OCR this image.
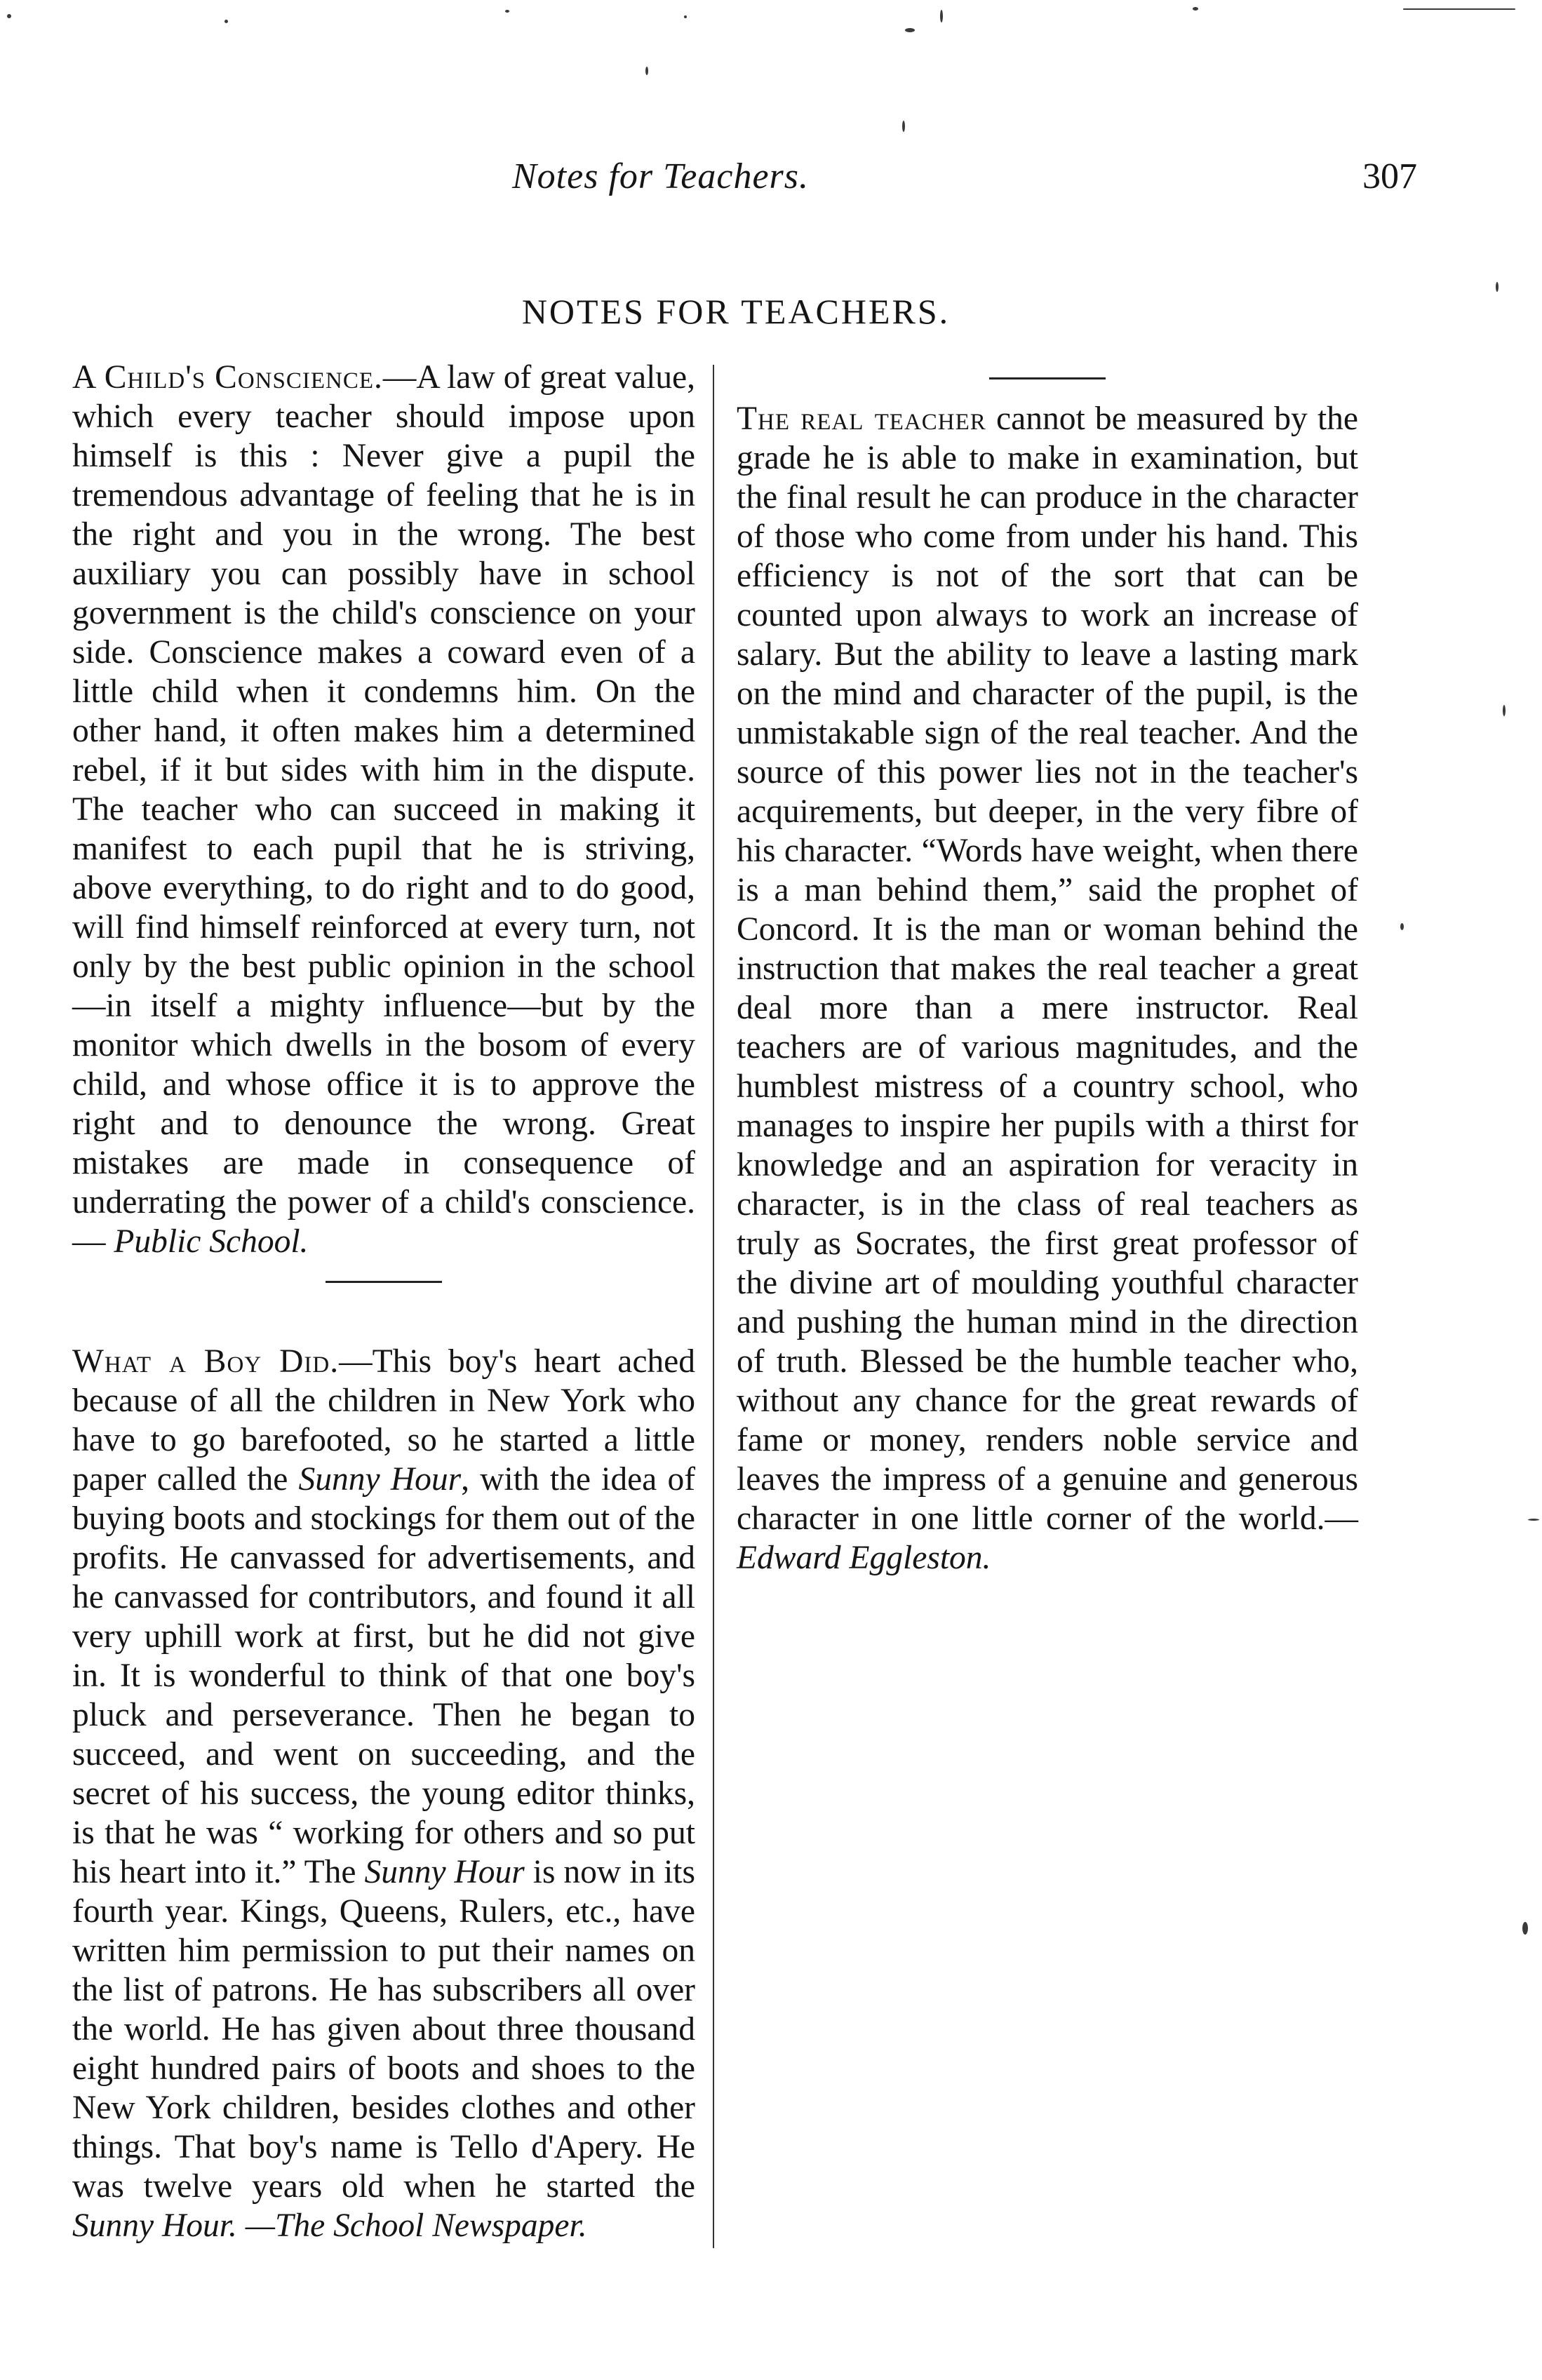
Notes for Teachers.	307
NOTES FOR TEACHERS.

A Child's Conscience.—A law of great value, which every teacher should impose upon himself is this : Never give a pupil the tremendous advantage of feeling that he is in the right and you in the wrong. The best auxiliary you can possibly have in school government is the child's conscience on your side. Conscience makes a coward even of a little child when it condemns him. On the other hand, it often makes him a determined rebel, if it but sides with him in the dispute. The teacher who can succeed in making it manifest to each pupil that he is striving, above everything, to do right and to do good, will find himself reinforced at every turn, not only by the best public opinion in the school—in itself a mighty influence—but by the monitor which dwells in the bosom of every child, and whose office it is to approve the right and to denounce the wrong. Great mistakes are made in consequence of underrating the power of a child's conscience. — Public School.

What a Boy Did.—This boy's heart ached because of all the children in New York who have to go barefooted, so he started a little paper called the Sunny Hour, with the idea of buying boots and stockings for them out of the profits. He canvassed for advertisements, and he canvassed for contributors, and found it all very uphill work at first, but he did not give in. It is wonderful to think of that one boy's pluck and perseverance. Then he began to succeed, and went on succeeding, and the secret of his success, the young editor thinks, is that he was “ working for others and so put his heart into it.” The Sunny Hour is now in its fourth year. Kings, Queens, Rulers, etc., have written him permission to put their names on the list of patrons. He has subscribers all over the world. He has given about three thousand eight hundred pairs of boots and shoes to the New York children, besides clothes and other things. That boy's name is Tello d'Apery. He was twelve years old when he started the Sunny Hour. —The School Newspaper.

The real teacher cannot be measured by the grade he is able to make in examination, but the final result he can produce in the character of those who come from under his hand. This efficiency is not of the sort that can be counted upon always to work an increase of salary. But the ability to leave a lasting mark on the mind and character of the pupil, is the unmistakable sign of the real teacher. And the source of this power lies not in the teacher's acquirements, but deeper, in the very fibre of his character. “Words have weight, when there is a man behind them,” said the prophet of Concord. It is the man or woman behind the instruction that makes the real teacher a great deal more than a mere instructor. Real teachers are of various magnitudes, and the humblest mistress of a country school, who manages to inspire her pupils with a thirst for knowledge and an aspiration for veracity in character, is in the class of real teachers as truly as Socrates, the first great professor of the divine art of moulding youthful character and pushing the human mind in the direction of truth. Blessed be the humble teacher who, without any chance for the great rewards of fame or money, renders noble service and leaves the impress of a genuine and generous character in one little corner of the world.—Edward Eggleston.
